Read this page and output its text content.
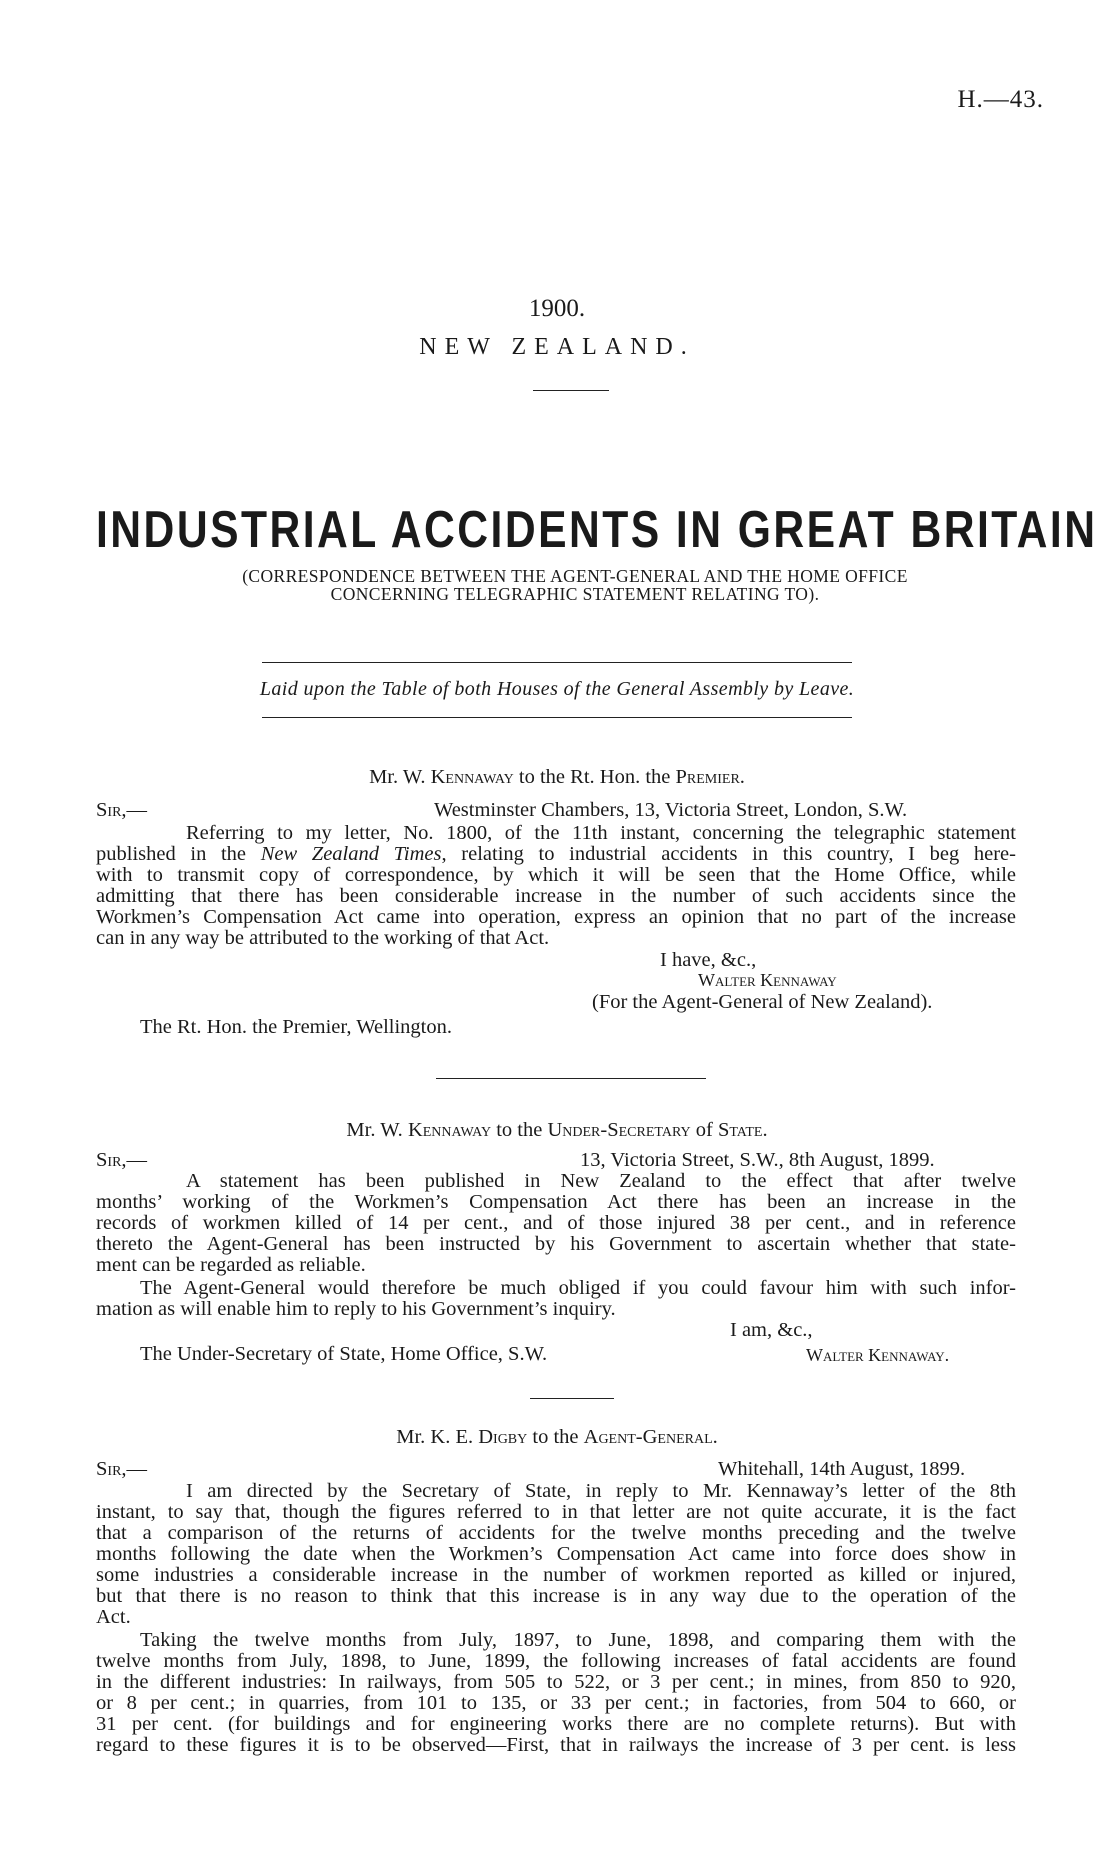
H.—43.
1900.
NEW ZEALAND.
INDUSTRIAL ACCIDENTS IN GREAT BRITAIN
(CORRESPONDENCE BETWEEN THE AGENT-GENERAL AND THE HOME OFFICE
CONCERNING TELEGRAPHIC STATEMENT RELATING TO).
Laid upon the Table of both Houses of the General Assembly by Leave.
Mr. W. Kennaway to the Rt. Hon. the Premier.
Sir,—	Westminster Chambers, 13, Victoria Street, London, S.W.
Referring to my letter, No. 1800, of the 11th instant, concerning the telegraphic statement
published in the New Zealand Times, relating to industrial accidents in this country, I beg here-
with to transmit copy of correspondence, by which it will be seen that the Home Office, while
admitting that there has been considerable increase in the number of such accidents since the
Workmen’s Compensation Act came into operation, express an opinion that no part of the increase
can in any way be attributed to the working of that Act.
I have, &c.,
Walter Kennaway
(For the Agent-General of New Zealand).
The Rt. Hon. the Premier, Wellington.
Mr. W. Kennaway to the Under-Secretary of State.
Sir,—	13, Victoria Street, S.W., 8th August, 1899.
A statement has been published in New Zealand to the effect that after twelve
months’ working of the Workmen’s Compensation Act there has been an increase in the
records of workmen killed of 14 per cent., and of those injured 38 per cent., and in reference
thereto the Agent-General has been instructed by his Government to ascertain whether that state-
ment can be regarded as reliable.
The Agent-General would therefore be much obliged if you could favour him with such infor-
mation as will enable him to reply to his Government’s inquiry.
I am, &c.,
The Under-Secretary of State, Home Office, S.W.	Walter Kennaway.
Mr. K. E. Digby to the Agent-General.
Sir,—	Whitehall, 14th August, 1899.
I am directed by the Secretary of State, in reply to Mr. Kennaway’s letter of the 8th
instant, to say that, though the figures referred to in that letter are not quite accurate, it is the fact
that a comparison of the returns of accidents for the twelve months preceding and the twelve
months following the date when the Workmen’s Compensation Act came into force does show in
some industries a considerable increase in the number of workmen reported as killed or injured,
but that there is no reason to think that this increase is in any way due to the operation of the
Act.
Taking the twelve months from July, 1897, to June, 1898, and comparing them with the
twelve months from July, 1898, to June, 1899, the following increases of fatal accidents are found
in the different industries: In railways, from 505 to 522, or 3 per cent.; in mines, from 850 to 920,
or 8 per cent.; in quarries, from 101 to 135, or 33 per cent.; in factories, from 504 to 660, or
31 per cent. (for buildings and for engineering works there are no complete returns). But with
regard to these figures it is to be observed—First, that in railways the increase of 3 per cent. is less
